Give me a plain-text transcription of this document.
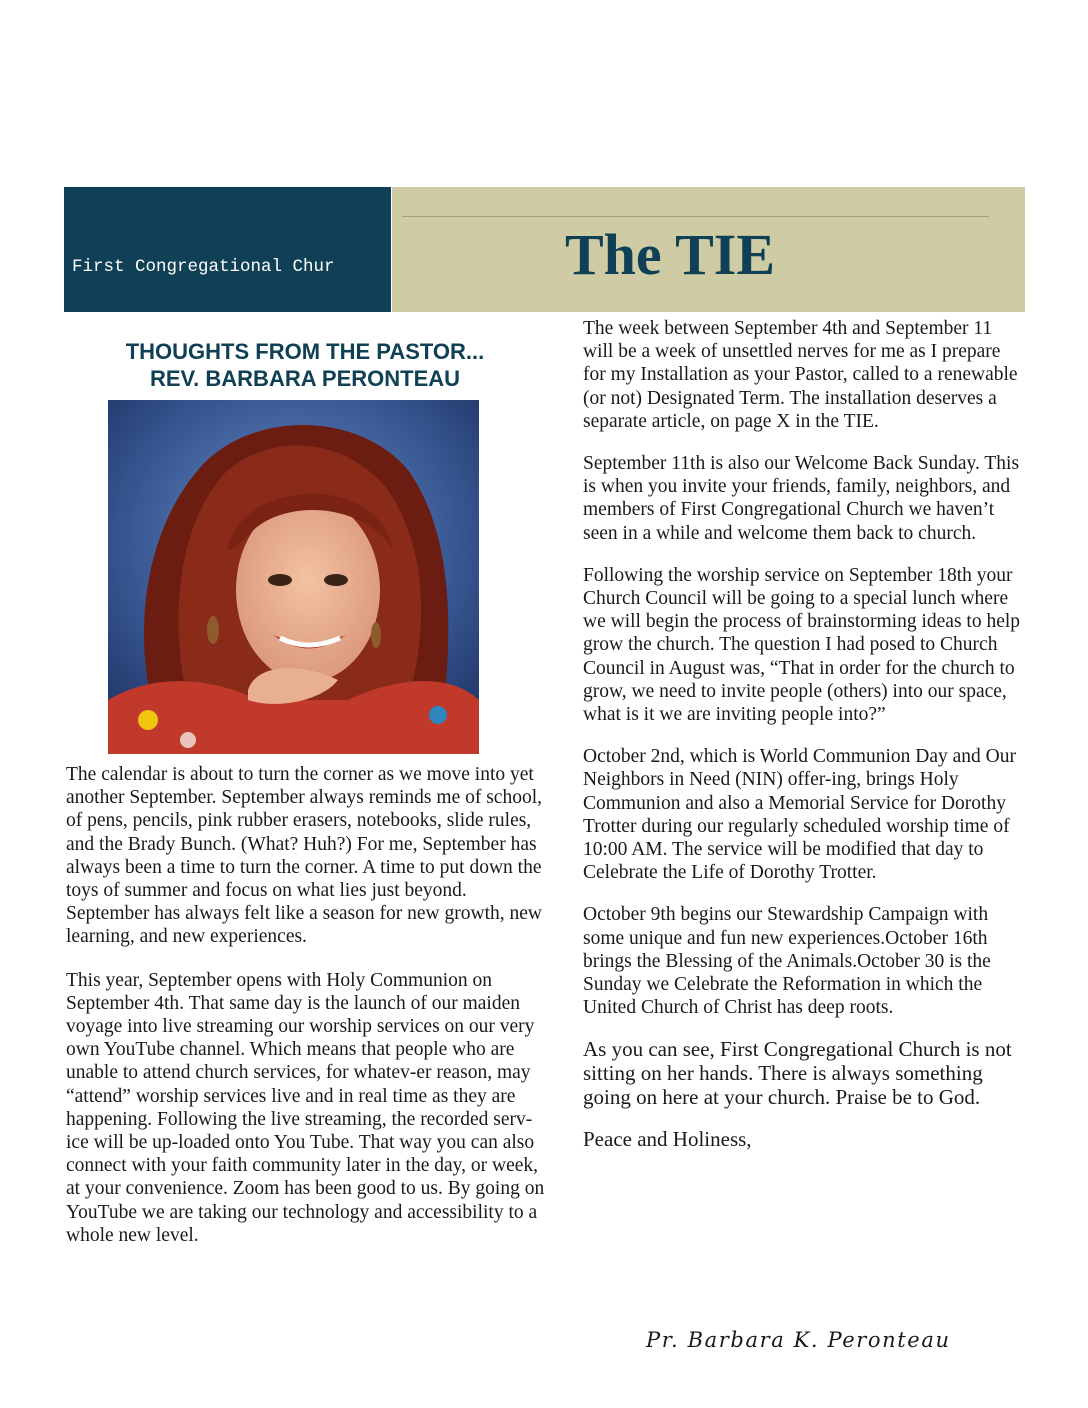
First Congregational Chur

	The TIE
THOUGHTS FROM THE PASTOR...
REV. BARBARA PERONTEAU

The calendar is about to turn the corner as we move into yet another September. September always reminds me of school, of pens, pencils, pink rubber erasers, notebooks, slide rules, and the Brady Bunch. (What? Huh?) For me, September has always been a time to turn the corner. A time to put down the toys of summer and focus on what lies just beyond. September has always felt like a season for new growth, new learning, and new experiences.

This year, September opens with Holy Communion on September 4th. That same day is the launch of our maiden voyage into live streaming our worship services on our very own YouTube channel. Which means that people who are unable to attend church services, for whatev-er reason, may “attend” worship services live and in real time as they are happening. Following the live streaming, the recorded serv-ice will be up-loaded onto You Tube. That way you can also connect with your faith community later in the day, or week, at your convenience. Zoom has been good to us. By going on YouTube we are taking our technology and accessibility to a whole new level.

The week between September 4th and September 11 will be a week of unsettled nerves for me as I prepare for my Installation as your Pastor, called to a renewable (or not) Designated Term. The installation deserves a separate article, on page X in the TIE.

September 11th is also our Welcome Back Sunday. This is when you invite your friends, family, neighbors, and members of First Congregational Church we haven’t seen in a while and welcome them back to church.

Following the worship service on September 18th your Church Council will be going to a special lunch where we will begin the process of brainstorming ideas to help grow the church. The question I had posed to Church Council in August was, “That in order for the church to grow, we need to invite people (others) into our space, what is it we are inviting people into?”

October 2nd, which is World Communion Day and Our Neighbors in Need (NIN) offer-ing, brings Holy Communion and also a Memorial Service for Dorothy Trotter during our regularly scheduled worship time of 10:00 AM. The service will be modified that day to Celebrate the Life of Dorothy Trotter.

October 9th begins our Stewardship Campaign with some unique and fun new experiences.October 16th brings the Blessing of the Animals.October 30 is the Sunday we Celebrate the Reformation in which the United Church of Christ has deep roots.

As you can see, First Congregational Church is not sitting on her hands. There is always something going on here at your church. Praise be to God.

Peace and Holiness,

Pr. Barbara K. Peronteau
